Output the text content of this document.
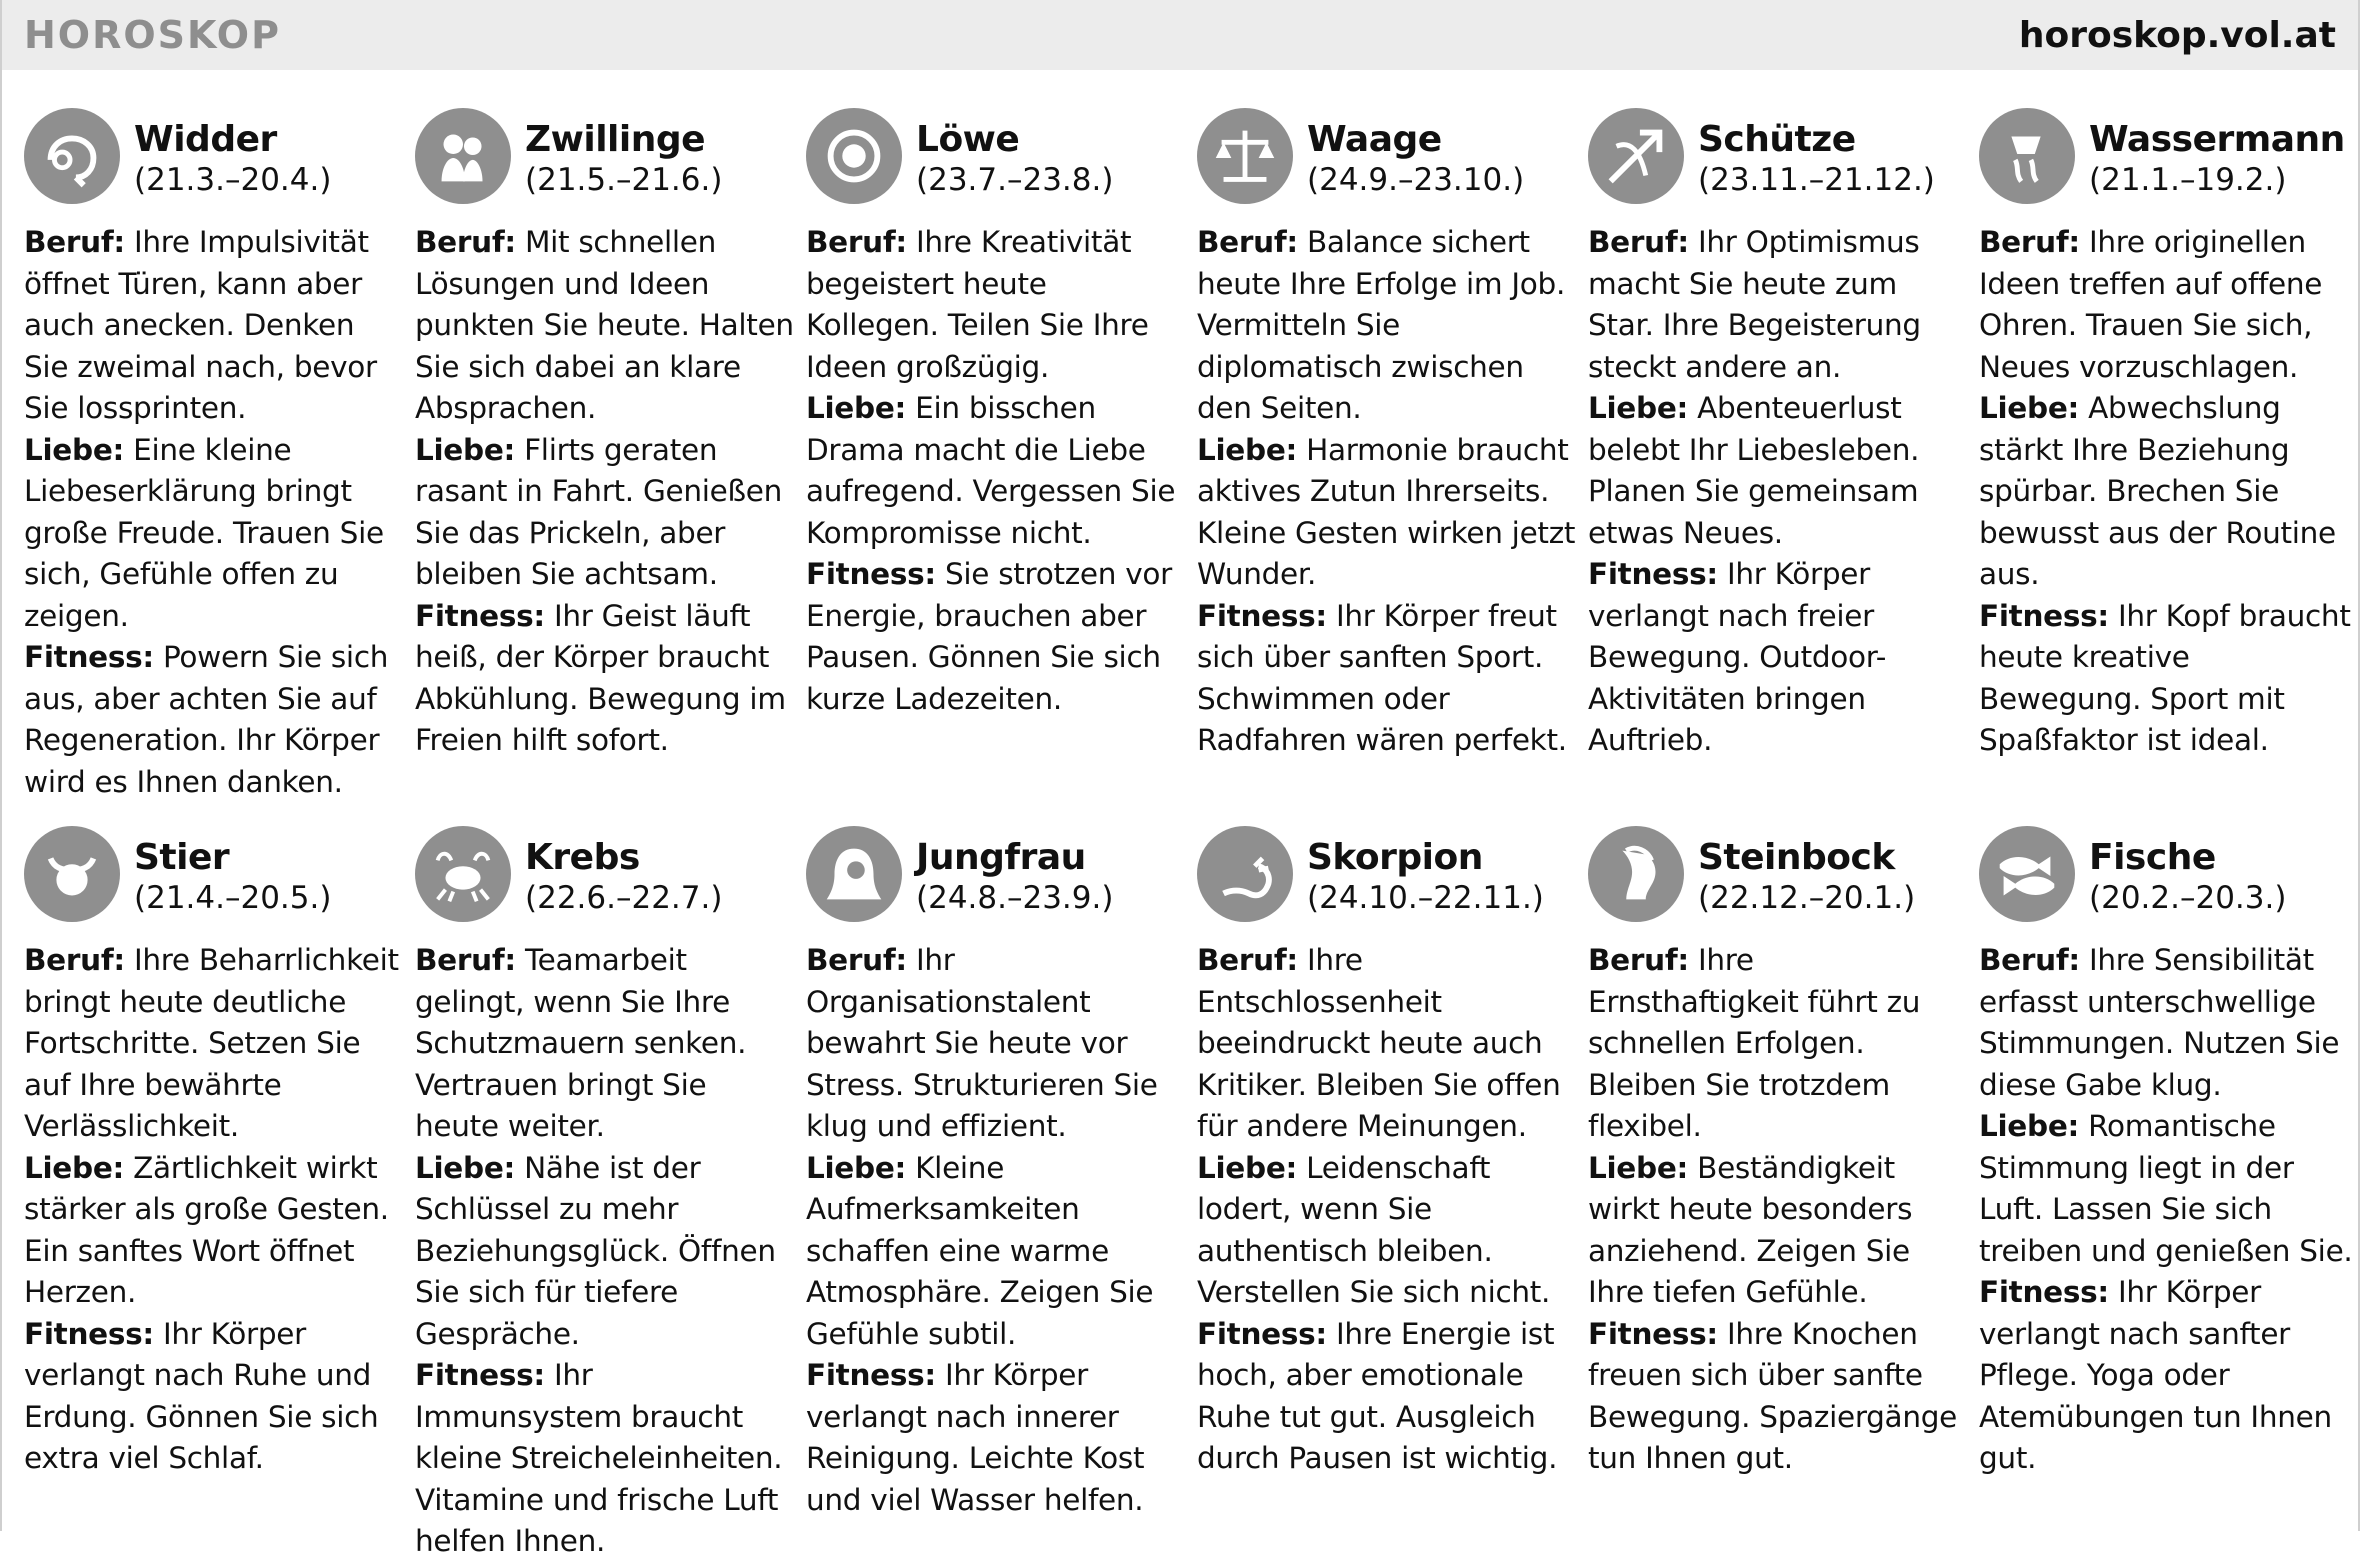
HOROSKOP	horoskop.vol.at
Widder
(21.3.–20.4.)
Beruf: Ihre Impulsivität öffnet Türen, kann aber auch anecken. Denken Sie zweimal nach, bevor Sie lossprinten.
Liebe: Eine kleine Liebeserklärung bringt große Freude. Trauen Sie sich, Gefühle offen zu zeigen.
Fitness: Powern Sie sich aus, aber achten Sie auf Regeneration. Ihr Körper wird es Ihnen danken.
Zwillinge
(21.5.–21.6.)
Beruf: Mit schnellen Lösungen und Ideen punkten Sie heute. Halten Sie sich dabei an klare Absprachen.
Liebe: Flirts geraten rasant in Fahrt. Genießen Sie das Prickeln, aber bleiben Sie achtsam.
Fitness: Ihr Geist läuft heiß, der Körper braucht Abkühlung. Bewegung im Freien hilft sofort.
Löwe
(23.7.–23.8.)
Beruf: Ihre Kreativität begeistert heute Kollegen. Teilen Sie Ihre Ideen großzügig.
Liebe: Ein bisschen Drama macht die Liebe aufregend. Vergessen Sie Kompromisse nicht.
Fitness: Sie strotzen vor Energie, brauchen aber Pausen. Gönnen Sie sich kurze Ladezeiten.
Waage
(24.9.–23.10.)
Beruf: Balance sichert heute Ihre Erfolge im Job. Vermitteln Sie diplomatisch zwischen den Seiten.
Liebe: Harmonie braucht aktives Zutun Ihrerseits. Kleine Gesten wirken jetzt Wunder.
Fitness: Ihr Körper freut sich über sanften Sport. Schwimmen oder Radfahren wären perfekt.
Schütze
(23.11.–21.12.)
Beruf: Ihr Optimismus macht Sie heute zum Star. Ihre Begeisterung steckt andere an.
Liebe: Abenteuerlust belebt Ihr Liebesleben. Planen Sie gemeinsam etwas Neues.
Fitness: Ihr Körper verlangt nach freier Bewegung. Outdoor-Aktivitäten bringen Auftrieb.
Wassermann
(21.1.–19.2.)
Beruf: Ihre originellen Ideen treffen auf offene Ohren. Trauen Sie sich, Neues vorzuschlagen.
Liebe: Abwechslung stärkt Ihre Beziehung spürbar. Brechen Sie bewusst aus der Routine aus.
Fitness: Ihr Kopf braucht heute kreative Bewegung. Sport mit Spaßfaktor ist ideal.
Stier
(21.4.–20.5.)
Beruf: Ihre Beharrlichkeit bringt heute deutliche Fortschritte. Setzen Sie auf Ihre bewährte Verlässlichkeit.
Liebe: Zärtlichkeit wirkt stärker als große Gesten. Ein sanftes Wort öffnet Herzen.
Fitness: Ihr Körper verlangt nach Ruhe und Erdung. Gönnen Sie sich extra viel Schlaf.
Krebs
(22.6.–22.7.)
Beruf: Teamarbeit gelingt, wenn Sie Ihre Schutzmauern senken. Vertrauen bringt Sie heute weiter.
Liebe: Nähe ist der Schlüssel zu mehr Beziehungsglück. Öffnen Sie sich für tiefere Gespräche.
Fitness: Ihr Immunsystem braucht kleine Streicheleinheiten. Vitamine und frische Luft helfen Ihnen.
Jungfrau
(24.8.–23.9.)
Beruf: Ihr Organisationstalent bewahrt Sie heute vor Stress. Strukturieren Sie klug und effizient.
Liebe: Kleine Aufmerksamkeiten schaffen eine warme Atmosphäre. Zeigen Sie Gefühle subtil.
Fitness: Ihr Körper verlangt nach innerer Reinigung. Leichte Kost und viel Wasser helfen.
Skorpion
(24.10.–22.11.)
Beruf: Ihre Entschlossenheit beeindruckt heute auch Kritiker. Bleiben Sie offen für andere Meinungen.
Liebe: Leidenschaft lodert, wenn Sie authentisch bleiben. Verstellen Sie sich nicht.
Fitness: Ihre Energie ist hoch, aber emotionale Ruhe tut gut. Ausgleich durch Pausen ist wichtig.
Steinbock
(22.12.–20.1.)
Beruf: Ihre Ernsthaftigkeit führt zu schnellen Erfolgen. Bleiben Sie trotzdem flexibel.
Liebe: Beständigkeit wirkt heute besonders anziehend. Zeigen Sie Ihre tiefen Gefühle.
Fitness: Ihre Knochen freuen sich über sanfte Bewegung. Spaziergänge tun Ihnen gut.
Fische
(20.2.–20.3.)
Beruf: Ihre Sensibilität erfasst unterschwellige Stimmungen. Nutzen Sie diese Gabe klug.
Liebe: Romantische Stimmung liegt in der Luft. Lassen Sie sich treiben und genießen Sie.
Fitness: Ihr Körper verlangt nach sanfter Pflege. Yoga oder Atemübungen tun Ihnen gut.
